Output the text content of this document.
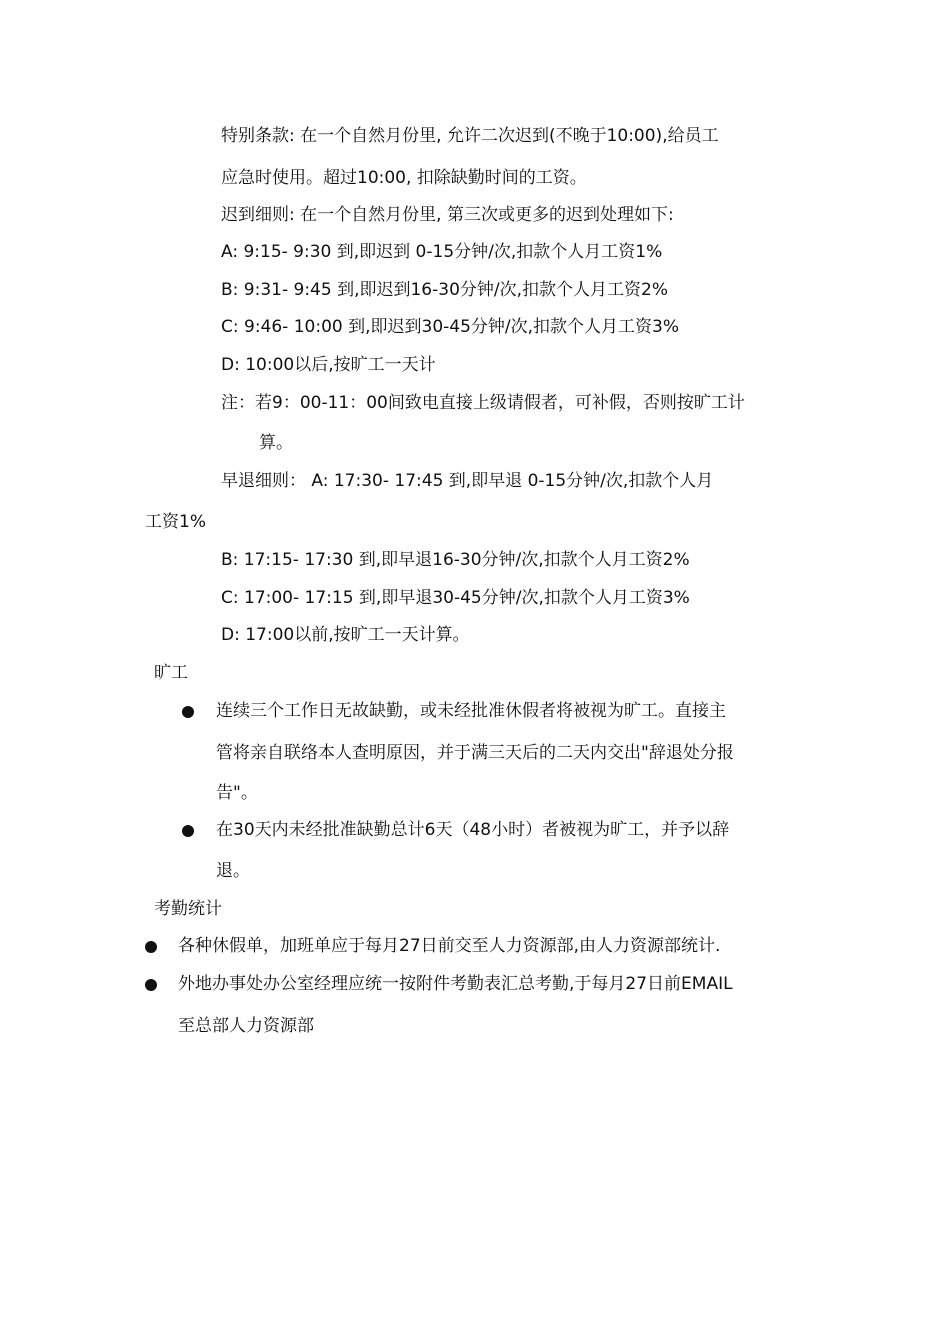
特别条款: 在一个自然月份里, 允许二次迟到(不晚于10:00),给员工
应急时使用。超过10:00, 扣除缺勤时间的工资。
迟到细则: 在一个自然月份里, 第三次或更多的迟到处理如下:
A: 9:15- 9:30 到,即迟到 0-15分钟/次,扣款个人月工资1%
B: 9:31- 9:45 到,即迟到16-30分钟/次,扣款个人月工资2%
C: 9:46- 10:00 到,即迟到30-45分钟/次,扣款个人月工资3%
D: 10:00以后,按旷工一天计
注：若9：00-11：00间致电直接上级请假者，可补假，否则按旷工计
算。
早退细则： A: 17:30- 17:45 到,即早退 0-15分钟/次,扣款个人月
工资1%
B: 17:15- 17:30 到,即早退16-30分钟/次,扣款个人月工资2%
C: 17:00- 17:15 到,即早退30-45分钟/次,扣款个人月工资3%
D: 17:00以前,按旷工一天计算。
旷工
连续三个工作日无故缺勤，或未经批准休假者将被视为旷工。直接主
管将亲自联络本人查明原因，并于满三天后的二天内交出"辞退处分报
告"。
在30天内未经批准缺勤总计6天（48小时）者被视为旷工，并予以辞
退。
考勤统计
各种休假单，加班单应于每月27日前交至人力资源部,由人力资源部统计.
外地办事处办公室经理应统一按附件考勤表汇总考勤,于每月27日前EMAIL
至总部人力资源部
